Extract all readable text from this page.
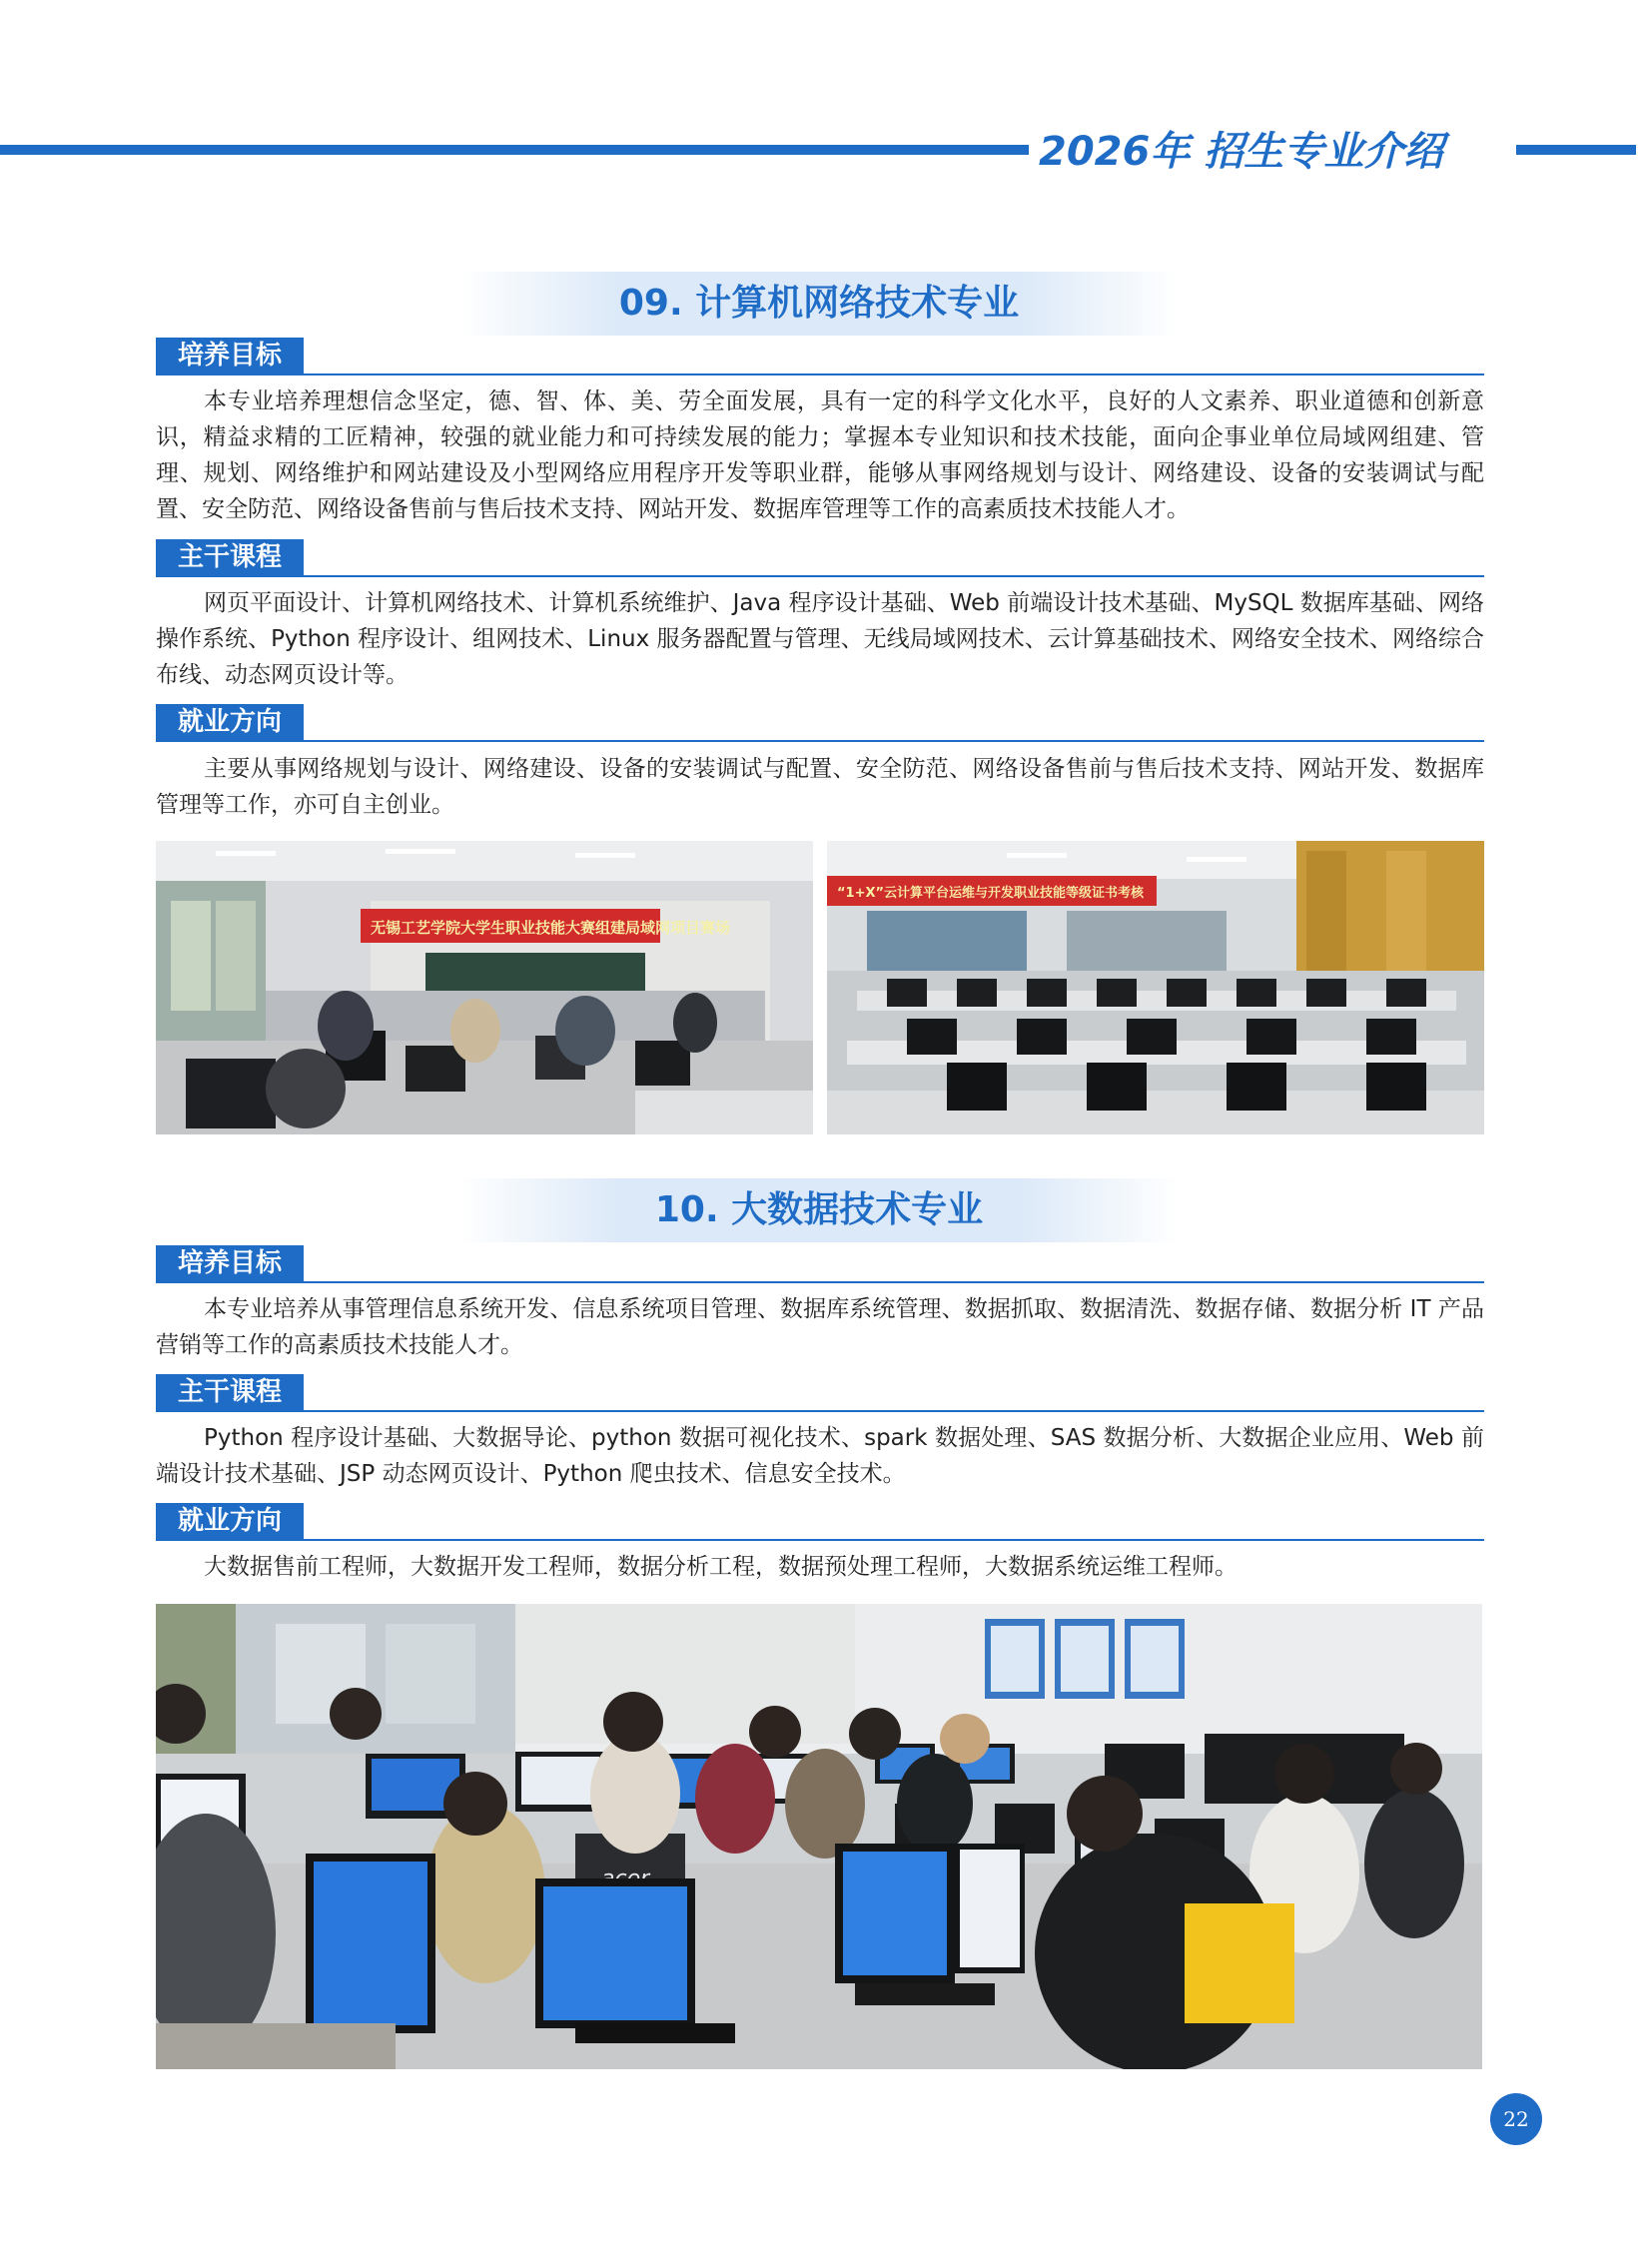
2026年 招生专业介绍
09. 计算机网络技术专业
培养目标
本专业培养理想信念坚定，德、智、体、美、劳全面发展，具有一定的科学文化水平，良好的人文素养、职业道德和创新意识，精益求精的工匠精神，较强的就业能力和可持续发展的能力；掌握本专业知识和技术技能，面向企事业单位局域网组建、管理、规划、网络维护和网站建设及小型网络应用程序开发等职业群，能够从事网络规划与设计、网络建设、设备的安装调试与配置、安全防范、网络设备售前与售后技术支持、网站开发、数据库管理等工作的高素质技术技能人才。
主干课程
网页平面设计、计算机网络技术、计算机系统维护、Java 程序设计基础、Web 前端设计技术基础、MySQL 数据库基础、网络操作系统、Python 程序设计、组网技术、Linux 服务器配置与管理、无线局域网技术、云计算基础技术、网络安全技术、网络综合布线、动态网页设计等。
就业方向
主要从事网络规划与设计、网络建设、设备的安装调试与配置、安全防范、网络设备售前与售后技术支持、网站开发、数据库管理等工作，亦可自主创业。
无锡工艺学院大学生职业技能大赛组建局域网项目赛场
“1+X”云计算平台运维与开发职业技能等级证书考核
10. 大数据技术专业
培养目标
本专业培养从事管理信息系统开发、信息系统项目管理、数据库系统管理、数据抓取、数据清洗、数据存储、数据分析 IT 产品营销等工作的高素质技术技能人才。
主干课程
Python 程序设计基础、大数据导论、python 数据可视化技术、spark 数据处理、SAS 数据分析、大数据企业应用、Web 前端设计技术基础、JSP 动态网页设计、Python 爬虫技术、信息安全技术。
就业方向
大数据售前工程师，大数据开发工程师，数据分析工程，数据预处理工程师，大数据系统运维工程师。
22
